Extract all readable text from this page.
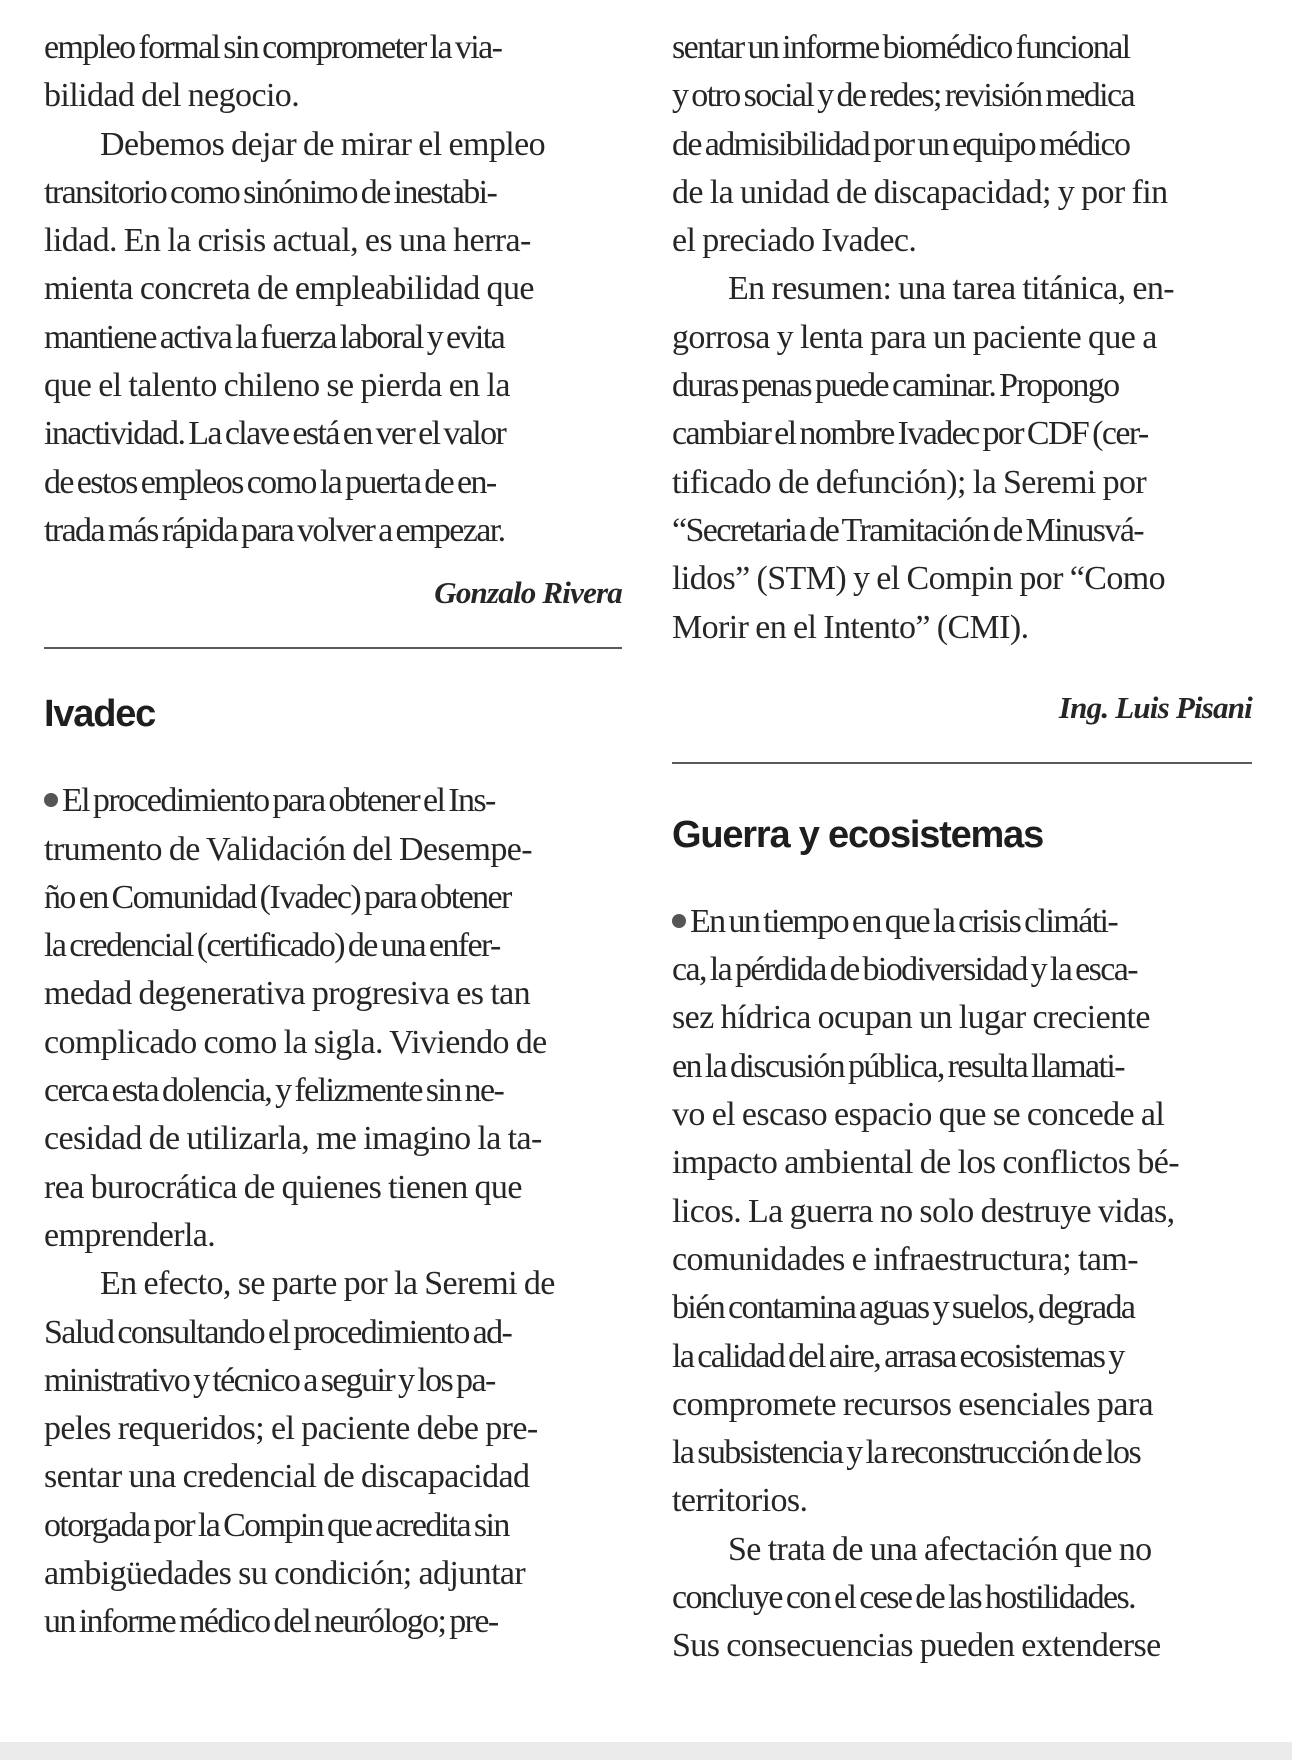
empleo formal sin comprometer la via-
bilidad del negocio.
Debemos dejar de mirar el empleo
transitorio como sinónimo de inestabi-
lidad. En la crisis actual, es una herra-
mienta concreta de empleabilidad que
mantiene activa la fuerza laboral y evita
que el talento chileno se pierda en la
inactividad. La clave está en ver el valor
de estos empleos como la puerta de en-
trada más rápida para volver a empezar.
Gonzalo Rivera
Ivadec
El procedimiento para obtener el Ins-
trumento de Validación del Desempe-
ño en Comunidad (Ivadec) para obtener
la credencial (certificado) de una enfer-
medad degenerativa progresiva es tan
complicado como la sigla. Viviendo de
cerca esta dolencia, y felizmente sin ne-
cesidad de utilizarla, me imagino la ta-
rea burocrática de quienes tienen que
emprenderla.
En efecto, se parte por la Seremi de
Salud consultando el procedimiento ad-
ministrativo y técnico a seguir y los pa-
peles requeridos; el paciente debe pre-
sentar una credencial de discapacidad
otorgada por la Compin que acredita sin
ambigüedades su condición; adjuntar
un informe médico del neurólogo; pre-
sentar un informe biomédico funcional
y otro social y de redes; revisión medica
de admisibilidad por un equipo médico
de la unidad de discapacidad; y por fin
el preciado Ivadec.
En resumen: una tarea titánica, en-
gorrosa y lenta para un paciente que a
duras penas puede caminar. Propongo
cambiar el nombre Ivadec por CDF (cer-
tificado de defunción); la Seremi por
“Secretaria de Tramitación de Minusvá-
lidos” (STM) y el Compin por “Como
Morir en el Intento” (CMI).
Ing. Luis Pisani
Guerra y ecosistemas
En un tiempo en que la crisis climáti-
ca, la pérdida de biodiversidad y la esca-
sez hídrica ocupan un lugar creciente
en la discusión pública, resulta llamati-
vo el escaso espacio que se concede al
impacto ambiental de los conflictos bé-
licos. La guerra no solo destruye vidas,
comunidades e infraestructura; tam-
bién contamina aguas y suelos, degrada
la calidad del aire, arrasa ecosistemas y
compromete recursos esenciales para
la subsistencia y la reconstrucción de los
territorios.
Se trata de una afectación que no
concluye con el cese de las hostilidades.
Sus consecuencias pueden extenderse
